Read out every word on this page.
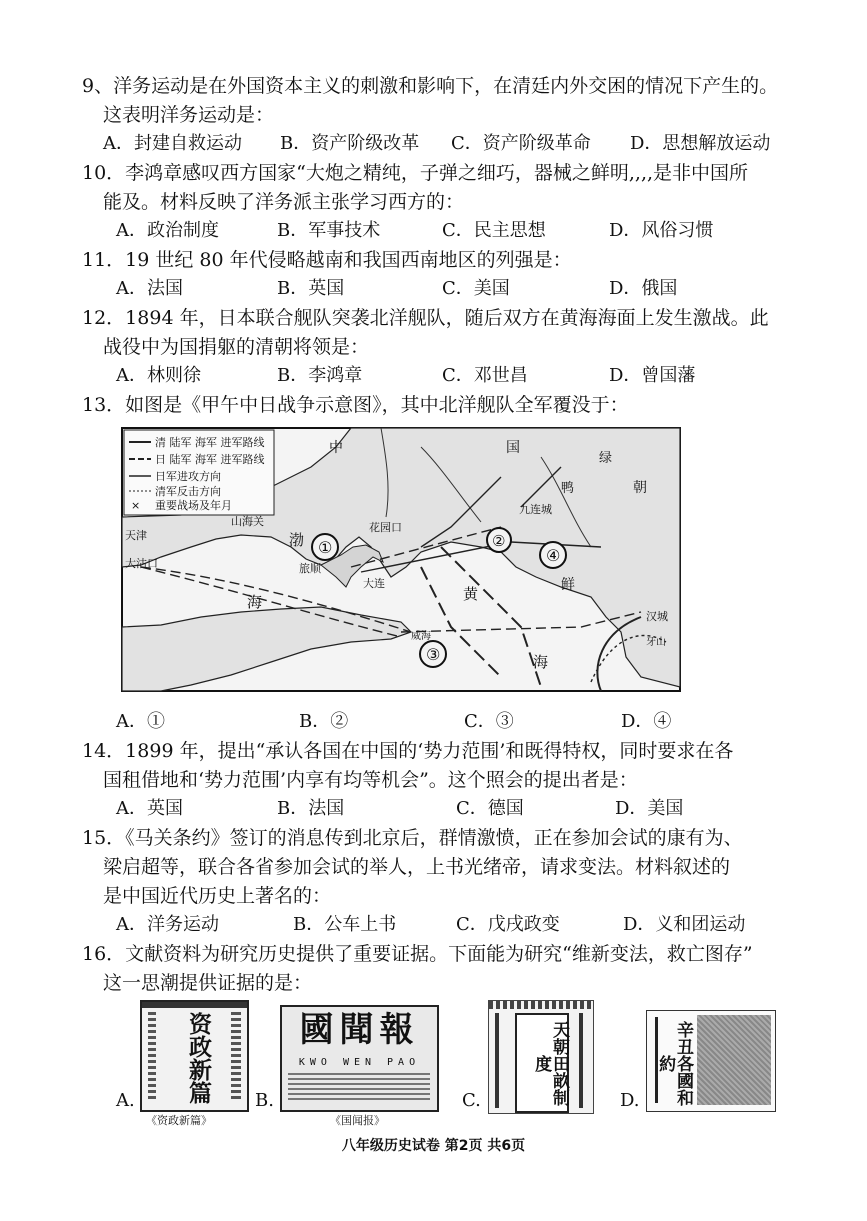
9、洋务运动是在外国资本主义的刺激和影响下，在清廷内外交困的情况下产生的。
这表明洋务运动是：
A．封建自救运动 B．资产阶级改革 C．资产阶级革命 D．思想解放运动
10．李鸿章感叹西方国家“大炮之精纯，子弹之细巧，器械之鲜明,,,,是非中国所
能及。材料反映了洋务派主张学习西方的：
A．政治制度	B．军事技术	C．民主思想	D．风俗习惯
11．19 世纪 80 年代侵略越南和我国西南地区的列强是：
A．法国	B．英国	C．美国	D．俄国
12．1894 年，日本联合舰队突袭北洋舰队，随后双方在黄海海面上发生激战。此
战役中为国捐躯的清朝将领是：
A．林则徐	B．李鸿章	C．邓世昌	D．曾国藩
13．如图是《甲午中日战争示意图》，其中北洋舰队全军覆没于：
清 陆军 海军 进军路线
日 陆军 海军 进军路线
日军进攻方向
清军反击方向
× 重要战场及年月
中	国
鸭
绿
朝
鲜
山海关
天津
大沽口
渤
海
旅顺
大连
花园口
九连城
黄
海
威海
汉城
牙山
①	②
③
④
A．①	B．②	C．③	D．④
14．1899 年，提出“承认各国在中国的‘势力范围’和既得特权，同时要求在各
国租借地和‘势力范围’内享有均等机会”。这个照会的提出者是：
A．英国	B．法国	C．德国	D．美国
15．《马关条约》签订的消息传到北京后，群情激愤，正在参加会试的康有为、
梁启超等，联合各省参加会试的举人，上书光绪帝，请求变法。材料叙述的
是中国近代历史上著名的：
A．洋务运动	B．公车上书	C．戊戌政变	D．义和团运动
16．文献资料为研究历史提供了重要证据。下面能为研究“维新变法，救亡图存”
这一思潮提供证据的是：
A.	资政新篇
《资政新篇》
B.
國聞報
KWO WEN PAO
《国闻报》
C.	天朝田畝制度
D.	辛丑各國和約
八年级历史试卷 第2页 共6页
